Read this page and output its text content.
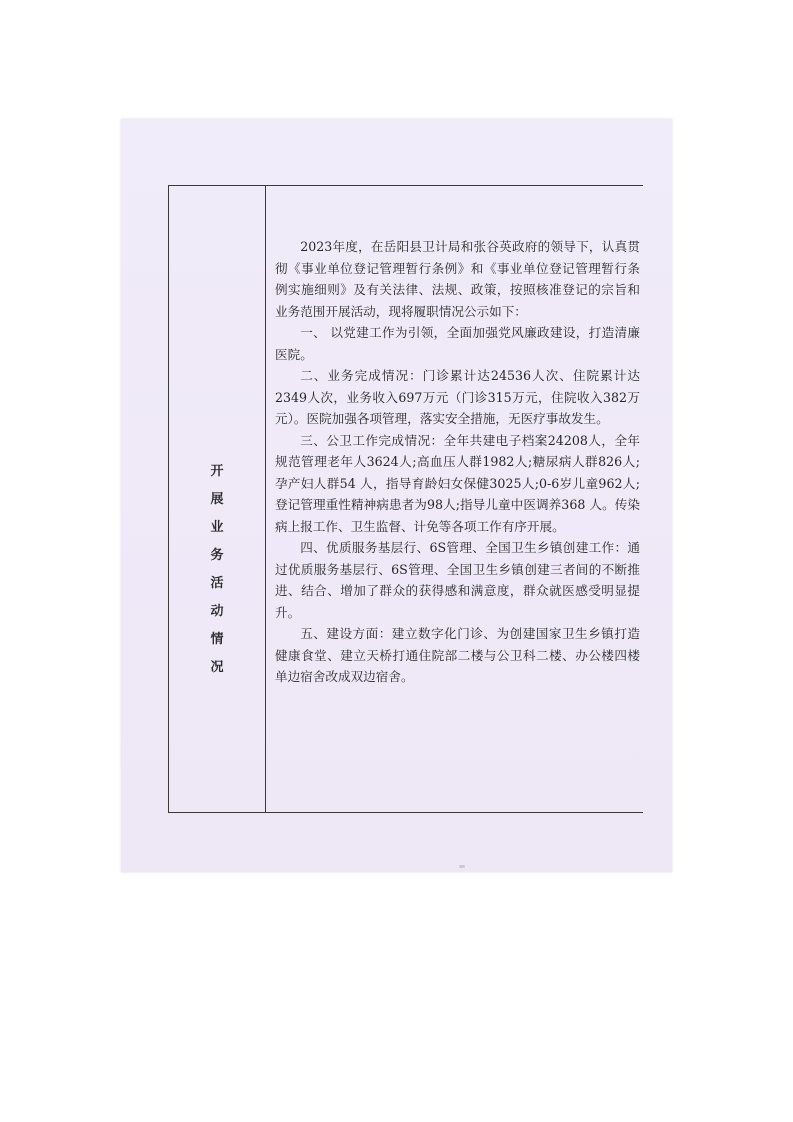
开展业务活动情况

2023年度，在岳阳县卫计局和张谷英政府的领导下，认真贯彻《事业单位登记管理暂行条例》和《事业单位登记管理暂行条例实施细则》及有关法律、法规、政策，按照核准登记的宗旨和业务范围开展活动，现将履职情况公示如下：

一、 以党建工作为引领，全面加强党风廉政建设，打造清廉医院。

二、业务完成情况：门诊累计达24536人次、住院累计达2349人次，业务收入697万元（门诊315万元，住院收入382万元）。医院加强各项管理，落实安全措施，无医疗事故发生。

三、公卫工作完成情况：全年共建电子档案24208人，全年规范管理老年人3624人;高血压人群1982人;糖尿病人群826人;孕产妇人群54 人，指导育龄妇女保健3025人;0-6岁儿童962人;登记管理重性精神病患者为98人;指导儿童中医调养368 人。传染病上报工作、卫生监督、计免等各项工作有序开展。

四、优质服务基层行、6S管理、全国卫生乡镇创建工作：通过优质服务基层行、6S管理、全国卫生乡镇创建三者间的不断推进、结合、增加了群众的获得感和满意度，群众就医感受明显提升。

五、建设方面：建立数字化门诊、为创建国家卫生乡镇打造健康食堂、建立天桥打通住院部二楼与公卫科二楼、办公楼四楼单边宿舍改成双边宿舍。
